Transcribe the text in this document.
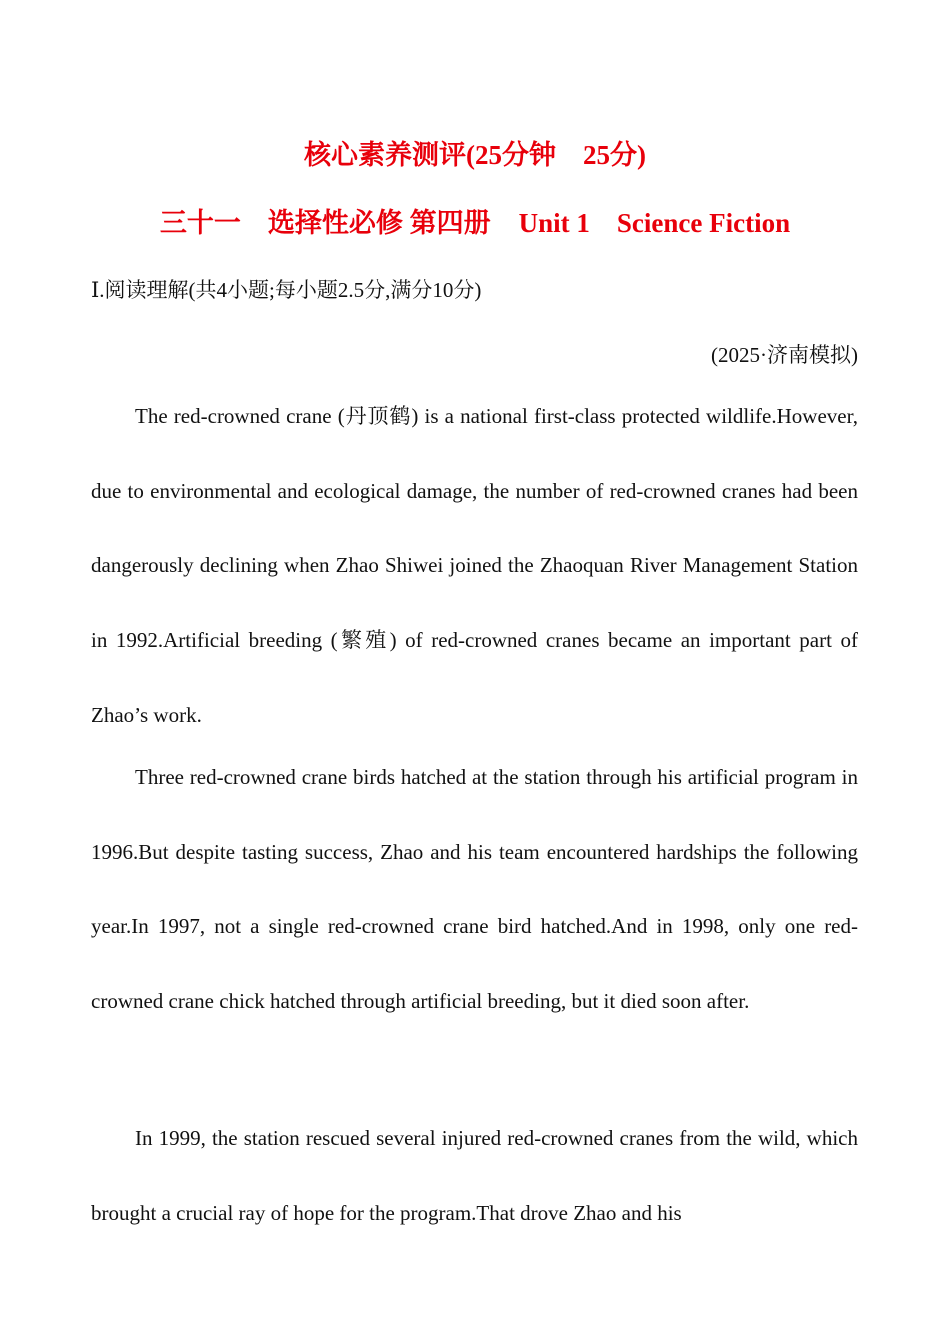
核心素养测评(25分钟　25分)
三十一　选择性必修 第四册 Unit 1　Science Fiction
Ⅰ.阅读理解(共4小题;每小题2.5分,满分10分)
(2025·济南模拟)

The red-crowned crane (丹顶鹤) is a national first-class protected wildlife.However, due to environmental and ecological damage, the number of red-crowned cranes had been dangerously declining when Zhao Shiwei joined the Zhaoquan River Management Station in 1992.Artificial breeding (繁殖) of red-crowned cranes became an important part of Zhao’s work.

Three red-crowned crane birds hatched at the station through his artificial program in 1996.But despite tasting success, Zhao and his team encountered hardships the following year.In 1997, not a single red-crowned crane bird hatched.And in 1998, only one red-crowned crane chick hatched through artificial breeding, but it died soon after.

In 1999, the station rescued several injured red-crowned cranes from the wild, which brought a crucial ray of hope for the program.That drove Zhao and his
